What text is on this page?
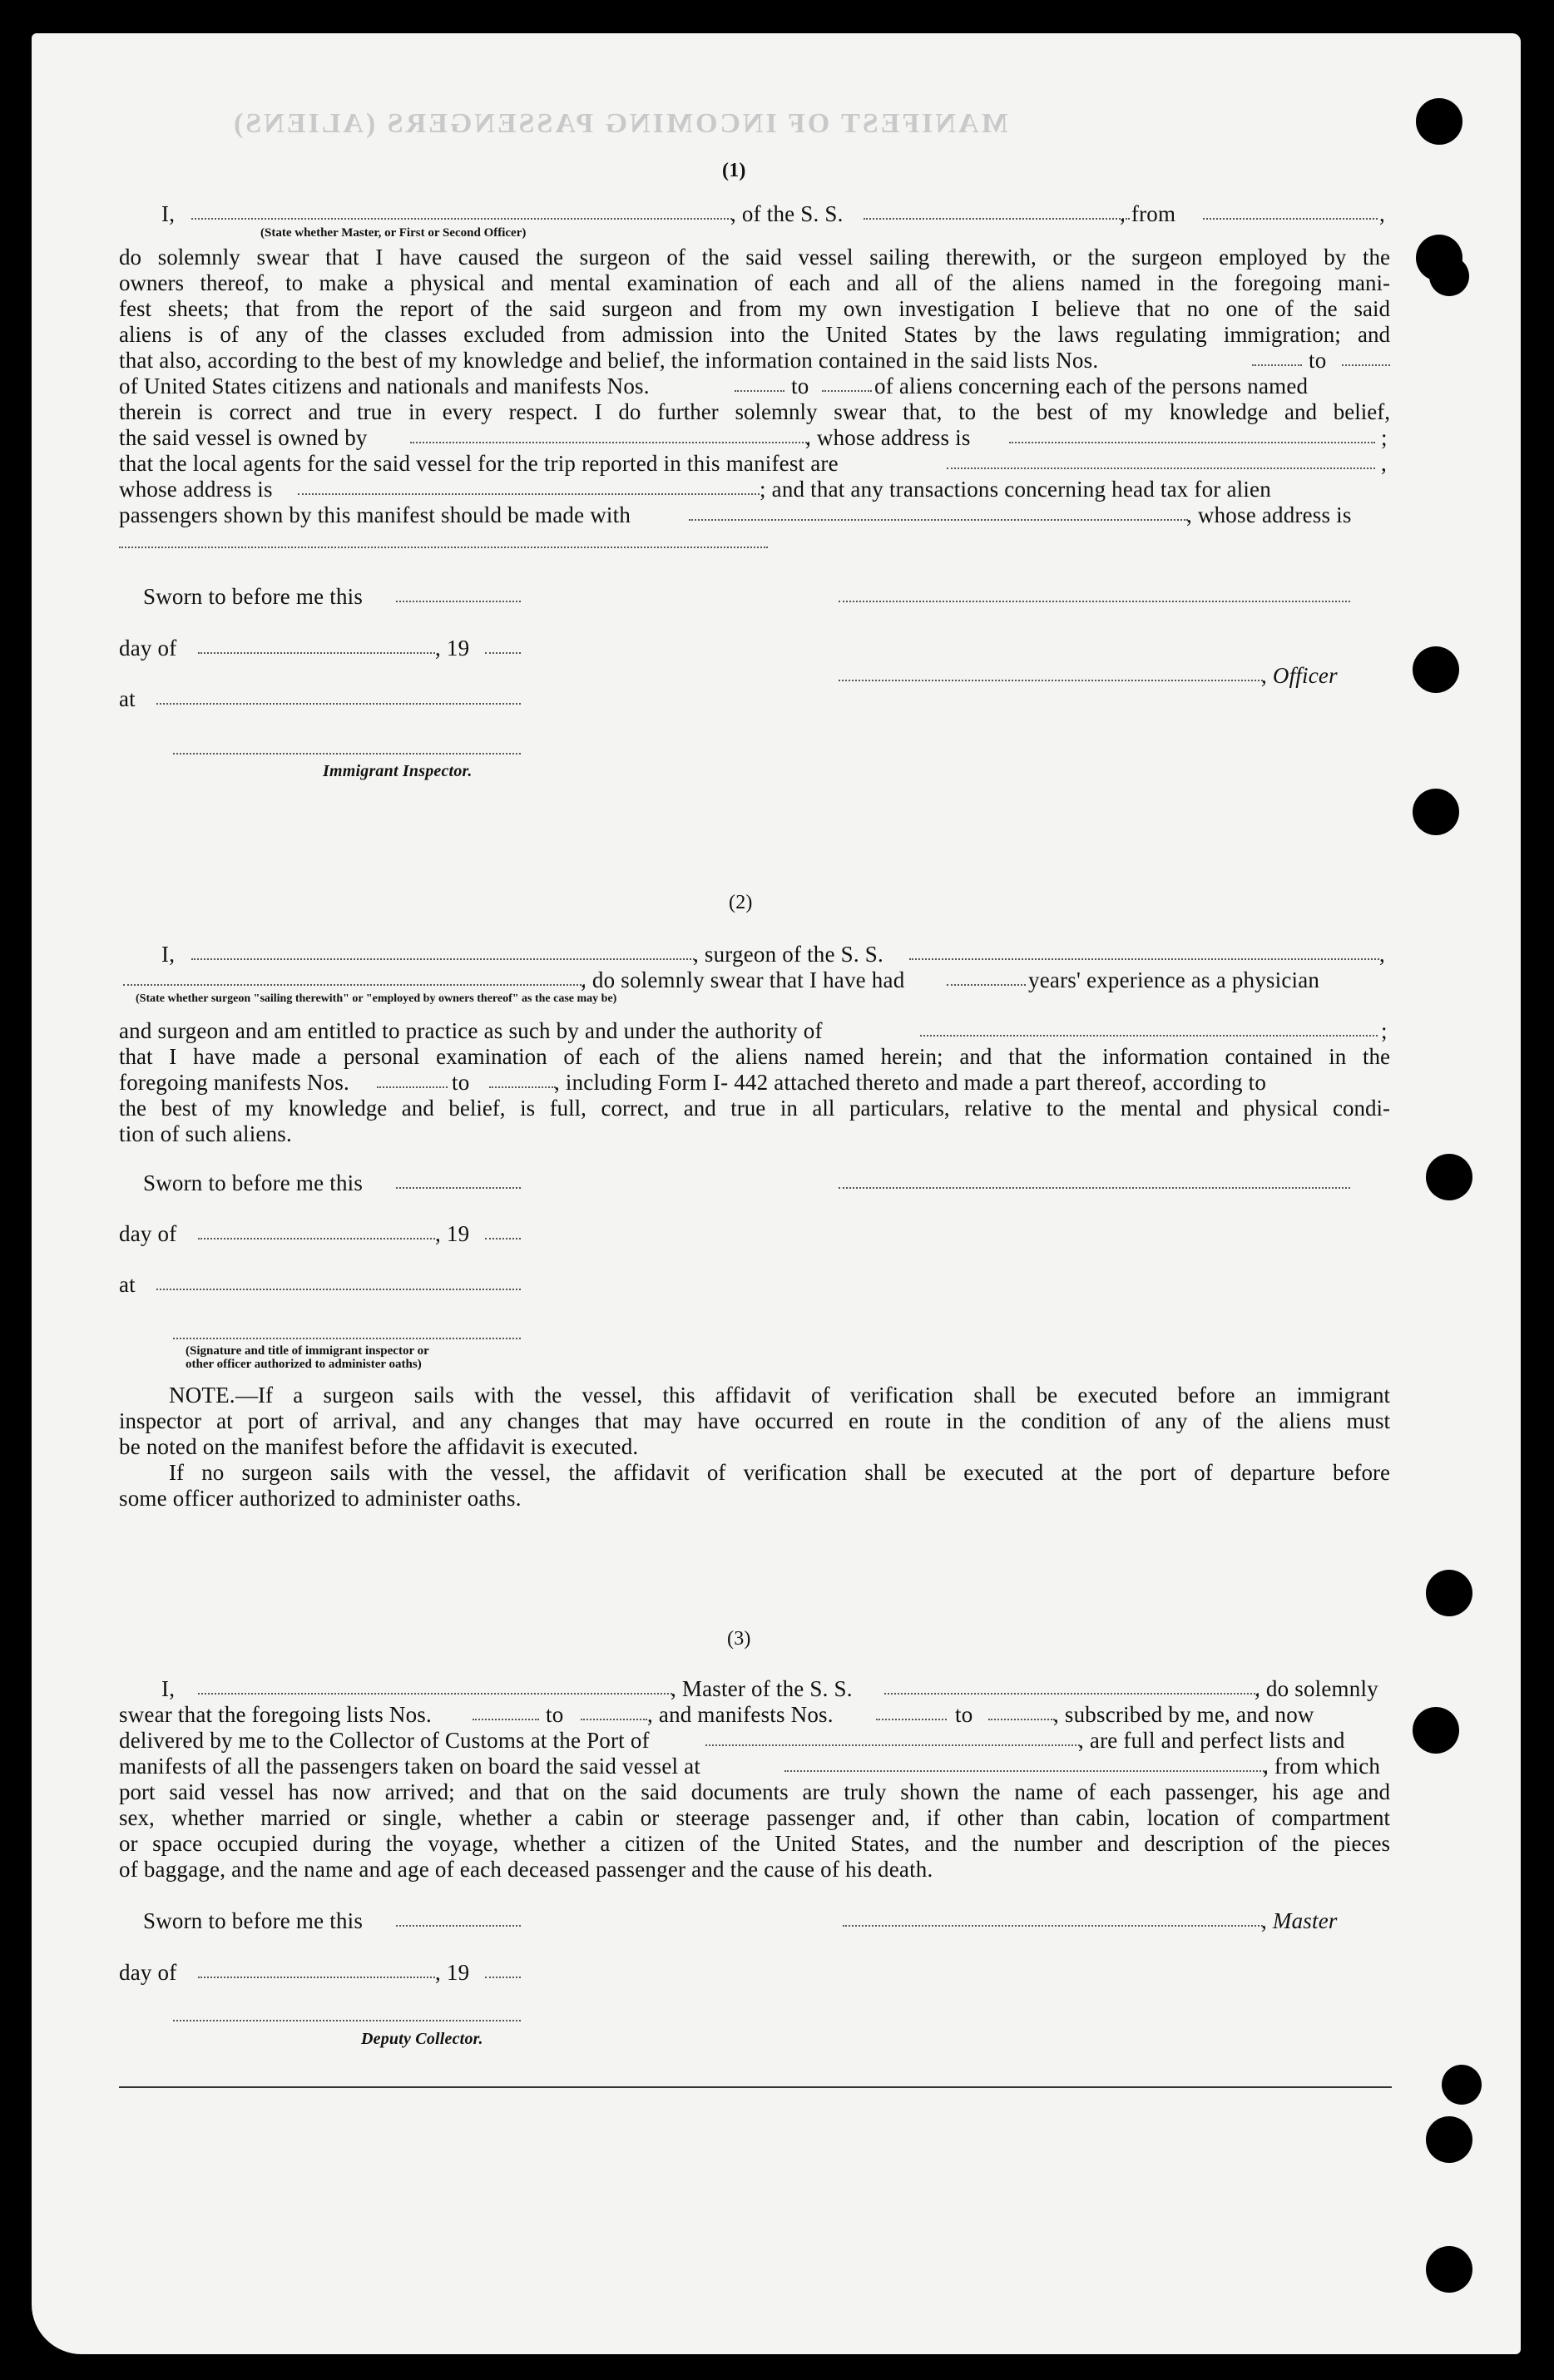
MANIFEST OF INCOMING PASSENGERS (ALIENS)
(1)
I,	, of the S. S.	, from	,
(State whether Master, or First or Second Officer)
do solemnly swear that I have caused the surgeon of the said vessel sailing therewith, or the surgeon employed by the
owners thereof, to make a physical and mental examination of each and all of the aliens named in the foregoing mani-
fest sheets; that from the report of the said surgeon and from my own investigation I believe that no one of the said
aliens is of any of the classes excluded from admission into the United States by the laws regulating immigration; and
that also, according to the best of my knowledge and belief, the information contained in the said lists Nos.	to
of United States citizens and nationals and manifests Nos.	to	of aliens concerning each of the persons named
therein is correct and true in every respect. I do further solemnly swear that, to the best of my knowledge and belief,
the said vessel is owned by	, whose address is	;
that the local agents for the said vessel for the trip reported in this manifest are	,
whose address is	; and that any transactions concerning head tax for alien
passengers shown by this manifest should be made with	, whose address is
Sworn to before me this
day of	, 19
, Officer
at
Immigrant Inspector.
(2)
I,	, surgeon of the S. S.	,
, do solemnly swear that I have had	years' experience as a physician
(State whether surgeon "sailing therewith" or "employed by owners thereof" as the case may be)
and surgeon and am entitled to practice as such by and under the authority of	;
that I have made a personal examination of each of the aliens named herein; and that the information contained in the
foregoing manifests Nos.	to	, including Form I- 442 attached thereto and made a part thereof, according to
the best of my knowledge and belief, is full, correct, and true in all particulars, relative to the mental and physical condi-
tion of such aliens.
Sworn to before me this
day of	, 19
at
(Signature and title of immigrant inspector or
other officer authorized to administer oaths)
NOTE. —If a surgeon sails with the vessel, this affidavit of verification shall be executed before an immigrant
inspector at port of arrival, and any changes that may have occurred en route in the condition of any of the aliens must
be noted on the manifest before the affidavit is executed.
If no surgeon sails with the vessel, the affidavit of verification shall be executed at the port of departure before
some officer authorized to administer oaths.
(3)
I,	, Master of the S. S.	, do solemnly
swear that the foregoing lists Nos.	to	, and manifests Nos.	to	, subscribed by me, and now
delivered by me to the Collector of Customs at the Port of	, are full and perfect lists and
manifests of all the passengers taken on board the said vessel at	, from which
port said vessel has now arrived; and that on the said documents are truly shown the name of each passenger, his age and
sex, whether married or single, whether a cabin or steerage passenger and, if other than cabin, location of compartment
or space occupied during the voyage, whether a citizen of the United States, and the number and description of the pieces
of baggage, and the name and age of each deceased passenger and the cause of his death.
Sworn to before me this	, Master
day of	, 19
Deputy Collector.
